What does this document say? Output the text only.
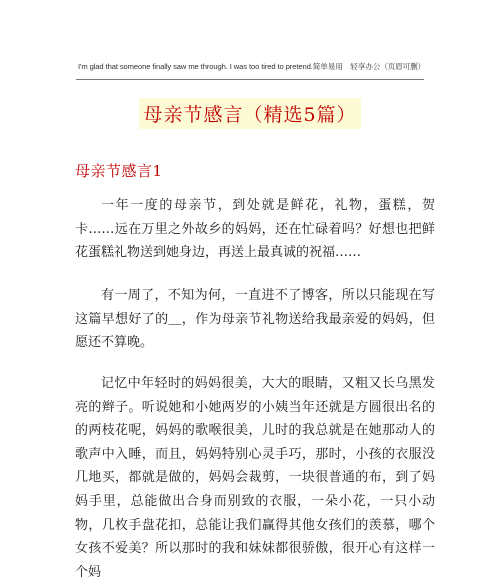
I'm glad that someone finally saw me through. I was too tired to pretend.简单易用　轻享办公（页眉可删）
母亲节感言（精选5篇）
母亲节感言1

一年一度的母亲节，到处就是鲜花，礼物，蛋糕，贺卡……远在万里之外故乡的妈妈，还在忙碌着吗？好想也把鲜花蛋糕礼物送到她身边，再送上最真诚的祝福……

有一周了，不知为何，一直进不了博客，所以只能现在写这篇早想好了的＿，作为母亲节礼物送给我最亲爱的妈妈，但愿还不算晚。

记忆中年轻时的妈妈很美，大大的眼睛，又粗又长乌黑发亮的辫子。听说她和小她两岁的小姨当年还就是方圆很出名的的两枝花呢，妈妈的歌喉很美，儿时的我总就是在她那动人的歌声中入睡，而且，妈妈特别心灵手巧，那时，小孩的衣服没几地买，都就是做的，妈妈会裁剪，一块很普通的布，到了妈妈手里，总能做出合身而别致的衣服，一朵小花，一只小动物，几枚手盘花扣，总能让我们赢得其他女孩们的羡慕，哪个女孩不爱美？所以那时的我和妹妹都很骄傲，很开心有这样一个妈
